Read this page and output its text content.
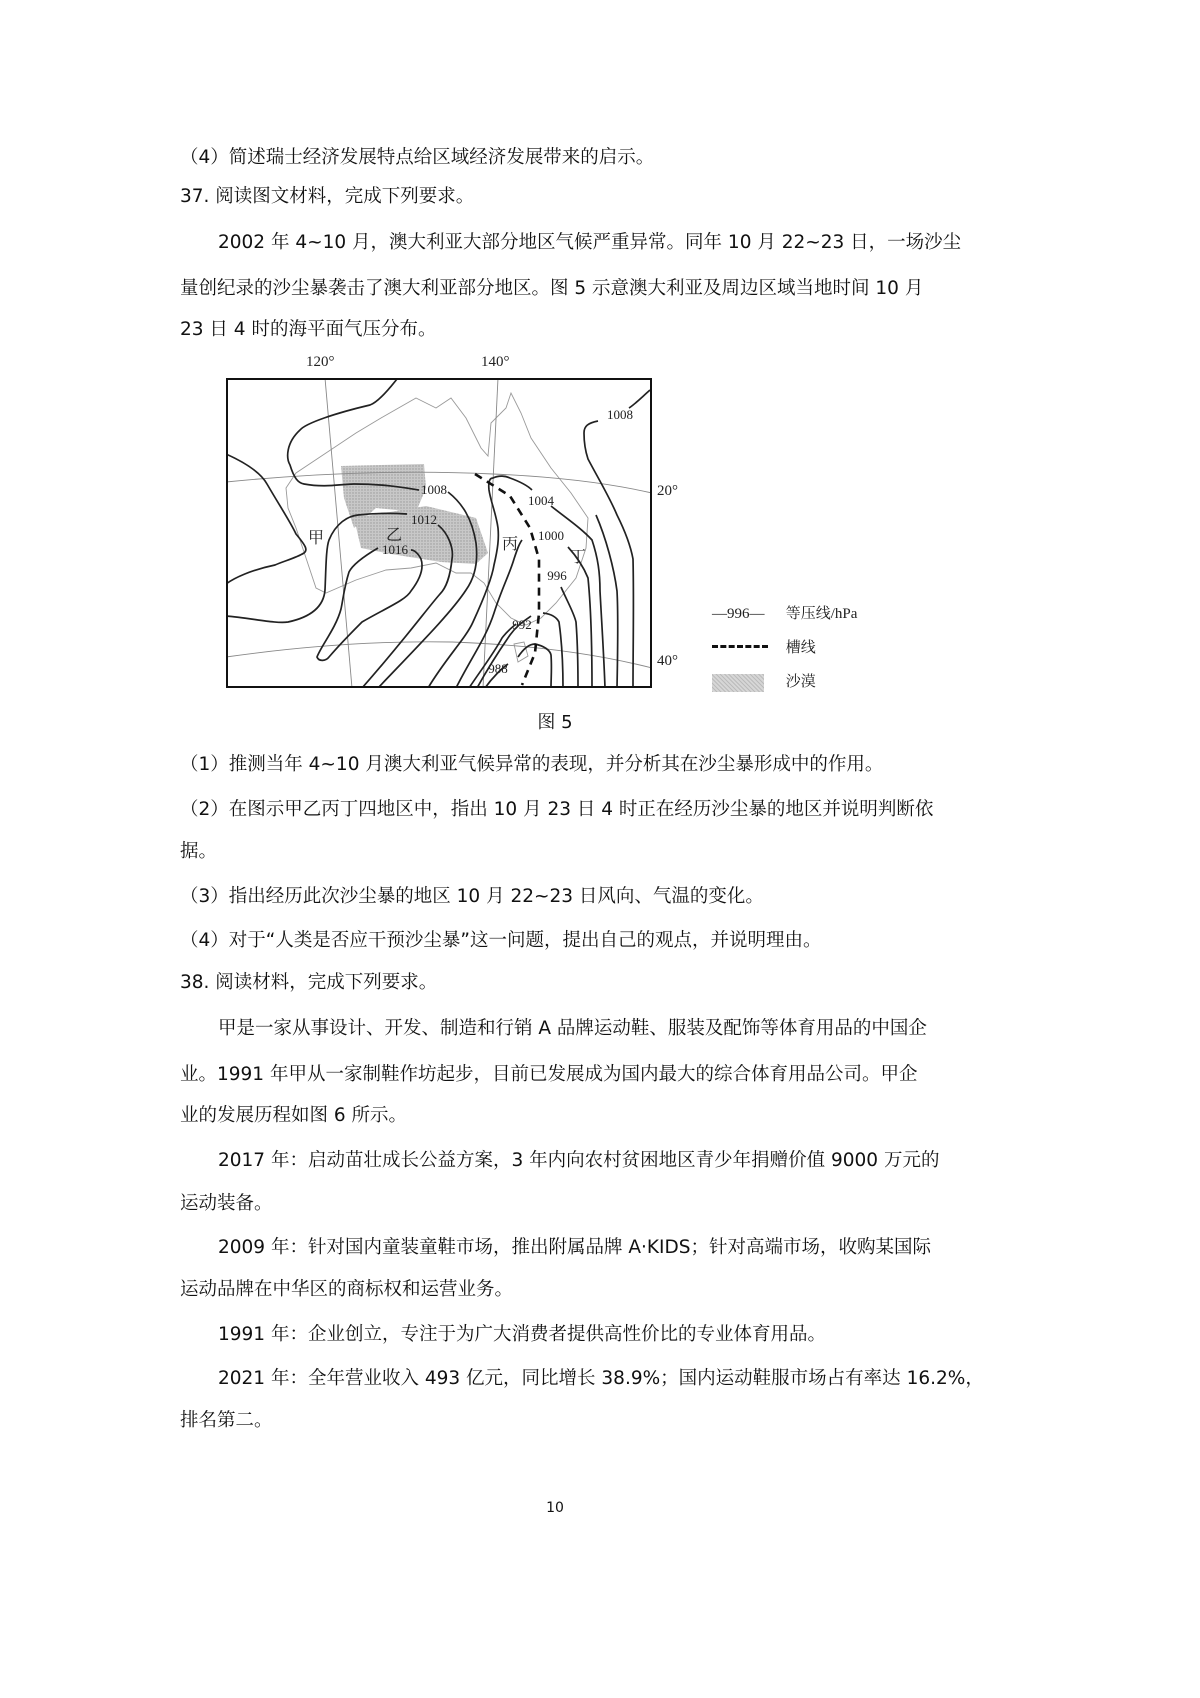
（4）简述瑞士经济发展特点给区域经济发展带来的启示。
37. 阅读图文材料，完成下列要求。
2002 年 4~10 月，澳大利亚大部分地区气候严重异常。同年 10 月 22~23 日，一场沙尘
量创纪录的沙尘暴袭击了澳大利亚部分地区。图 5 示意澳大利亚及周边区域当地时间 10 月
23 日 4 时的海平面气压分布。
120°	140°
20°
40°
1008
1008
1012
1016
1004
1000
996
992
988
甲	乙	丙
丁
—996— 等压线/hPa
槽线
沙漠
图 5
（1）推测当年 4~10 月澳大利亚气候异常的表现，并分析其在沙尘暴形成中的作用。
（2）在图示甲乙丙丁四地区中，指出 10 月 23 日 4 时正在经历沙尘暴的地区并说明判断依
据。
（3）指出经历此次沙尘暴的地区 10 月 22~23 日风向、气温的变化。
（4）对于“人类是否应干预沙尘暴”这一问题，提出自己的观点，并说明理由。
38. 阅读材料，完成下列要求。
甲是一家从事设计、开发、制造和行销 A 品牌运动鞋、服装及配饰等体育用品的中国企
业。1991 年甲从一家制鞋作坊起步，目前已发展成为国内最大的综合体育用品公司。甲企
业的发展历程如图 6 所示。
2017 年：启动苗壮成长公益方案，3 年内向农村贫困地区青少年捐赠价值 9000 万元的
运动装备。
2009 年：针对国内童装童鞋市场，推出附属品牌 A·KIDS；针对高端市场，收购某国际
运动品牌在中华区的商标权和运营业务。
1991 年：企业创立，专注于为广大消费者提供高性价比的专业体育用品。
2021 年：全年营业收入 493 亿元，同比增长 38.9%；国内运动鞋服市场占有率达 16.2%，
排名第二。
10
